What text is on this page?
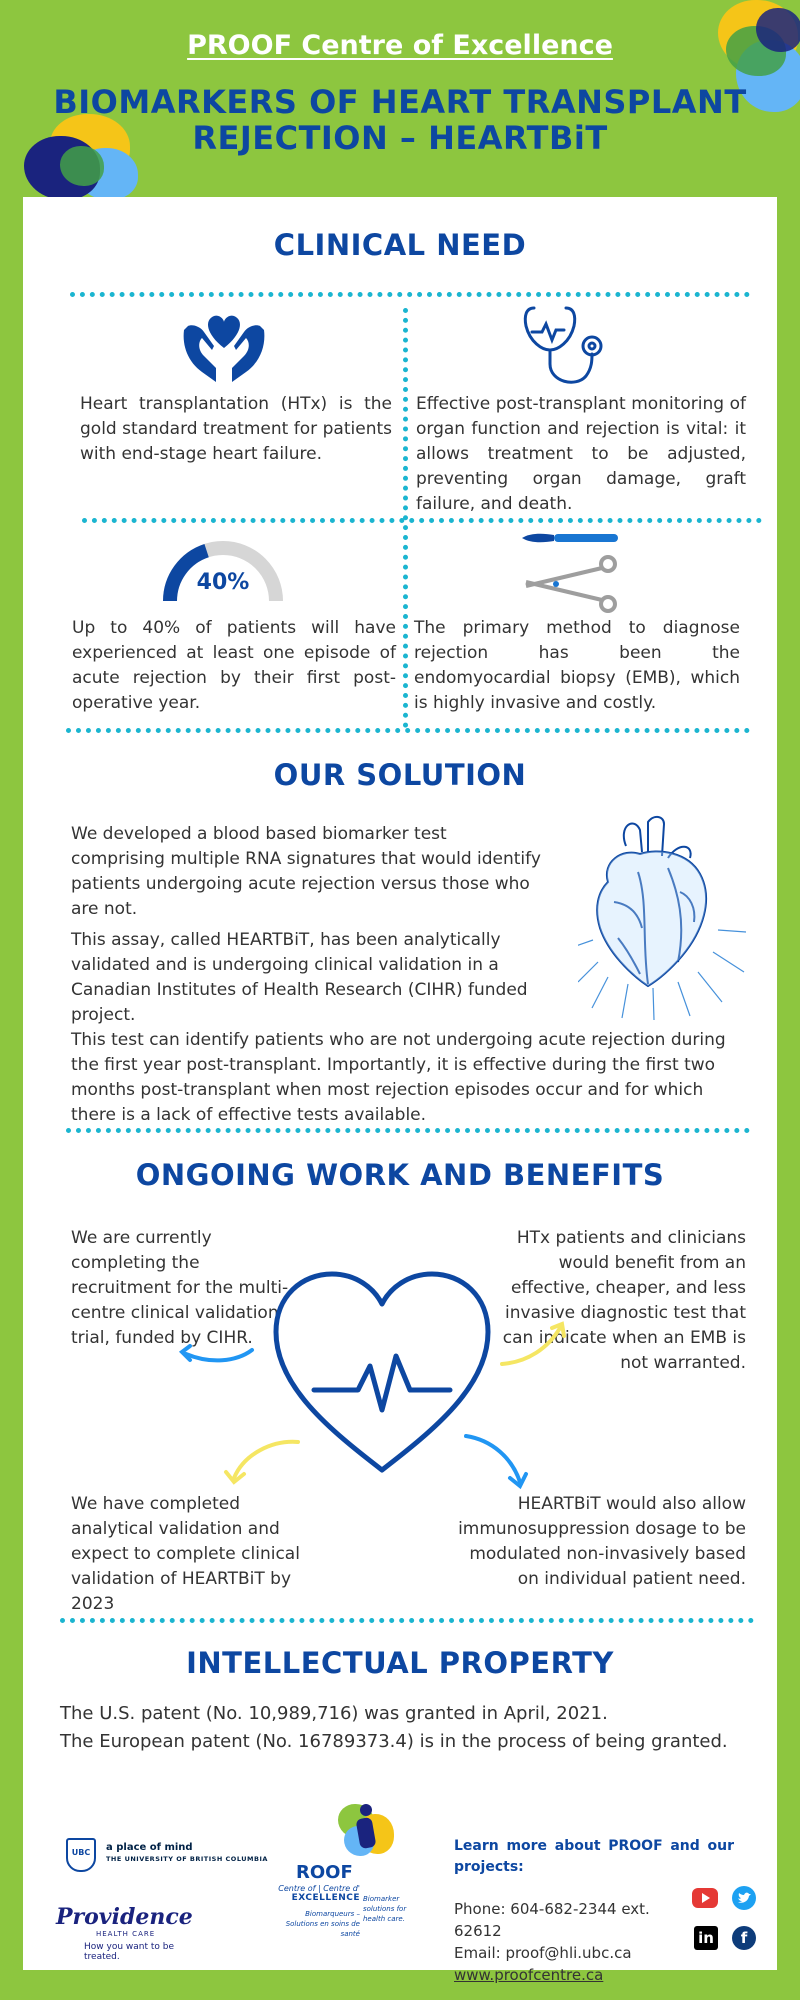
PROOF Centre of Excellence
BIOMARKERS OF HEART TRANSPLANT
REJECTION – HEARTBiT
CLINICAL NEED
Heart transplantation (HTx) is the gold standard treatment for patients with end-stage heart failure.
Effective post-transplant monitoring of organ function and rejection is vital: it allows treatment to be adjusted, preventing organ damage, graft failure, and death.
40%
Up to 40% of patients will have experienced at least one episode of acute rejection by their first post-operative year.
The primary method to diagnose rejection has been the endomyocardial biopsy (EMB), which is highly invasive and costly.
OUR SOLUTION
We developed a blood based biomarker test comprising multiple RNA signatures that would identify patients undergoing acute rejection versus those who are not.
This assay, called HEARTBiT, has been analytically validated and is undergoing clinical validation in a Canadian Institutes of Health Research (CIHR) funded project.
This test can identify patients who are not undergoing acute rejection during the first year post-transplant. Importantly, it is effective during the first two months post-transplant when most rejection episodes occur and for which there is a lack of effective tests available.
ONGOING WORK AND BENEFITS
We are currently completing the recruitment for the multi-centre clinical validation trial, funded by CIHR.
HTx patients and clinicians would benefit from an effective, cheaper, and less invasive diagnostic test that can indicate when an EMB is not warranted.
We have completed analytical validation and expect to complete clinical validation of HEARTBiT by 2023
HEARTBiT would also allow immunosuppression dosage to be modulated non-invasively based on individual patient need.
INTELLECTUAL PROPERTY
The U.S. patent (No. 10,989,716) was granted in April, 2021.
The European patent (No. 16789373.4) is in the process of being granted.
UBC	a place of mind
THE UNIVERSITY OF BRITISH COLUMBIA
Providence
HEALTH CARE
How you want to be treated.
ROOF
Centre of | Centre d'
EXCELLENCE
Biomarqueurs – Solutions en soins de santé
Biomarker solutions for health care.
Learn more about PROOF and our projects:
Phone: 604-682-2344 ext. 62612
Email: proof@hli.ubc.ca
www.proofcentre.ca
in	f
